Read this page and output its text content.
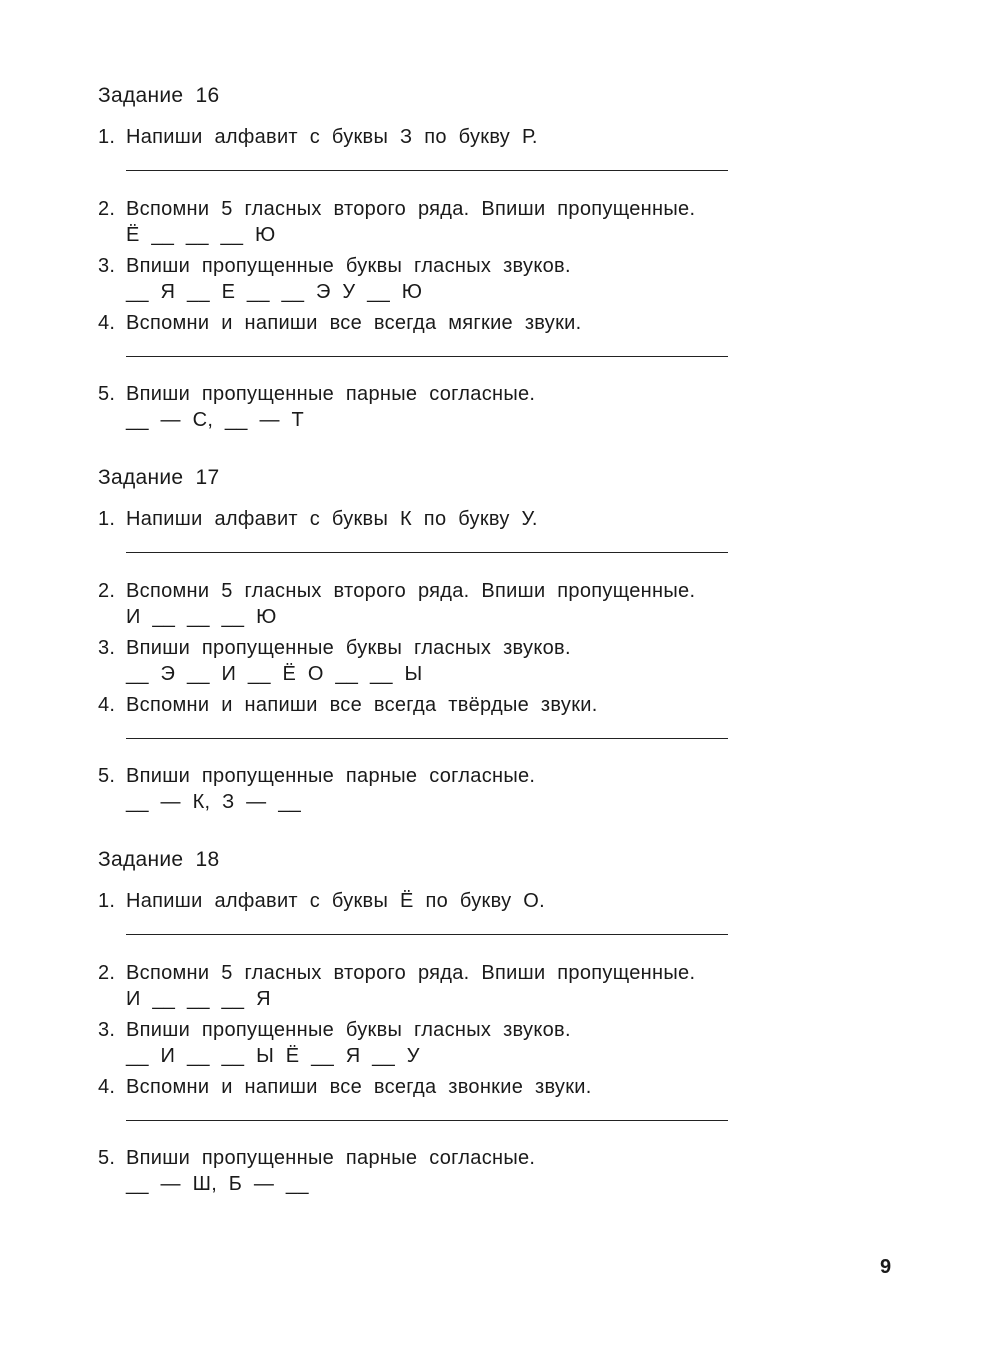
Задание 16
1. Напиши алфавит с буквы З по букву Р.
2. Вспомни 5 гласных второго ряда. Впиши пропущенные.
Ё  __  __  __  Ю
3. Впиши пропущенные буквы гласных звуков.
__  Я  __  Е  __  __  Э  У  __  Ю
4. Вспомни и напиши все всегда мягкие звуки.
5. Впиши пропущенные парные согласные.
__  —  С,  __  —  Т
Задание 17
1. Напиши алфавит с буквы К по букву У.
2. Вспомни 5 гласных второго ряда. Впиши пропущенные.
И  __  __  __  Ю
3. Впиши пропущенные буквы гласных звуков.
__  Э  __  И  __  Ё  О  __  __  Ы
4. Вспомни и напиши все всегда твёрдые звуки.
5. Впиши пропущенные парные согласные.
__  —  К,  З  —  __
Задание 18
1. Напиши алфавит с буквы Ё по букву О.
2. Вспомни 5 гласных второго ряда. Впиши пропущенные.
И  __  __  __  Я
3. Впиши пропущенные буквы гласных звуков.
__  И  __  __  Ы  Ё  __  Я  __  У
4. Вспомни и напиши все всегда звонкие звуки.
5. Впиши пропущенные парные согласные.
__  —  Ш,  Б  —  __
9
